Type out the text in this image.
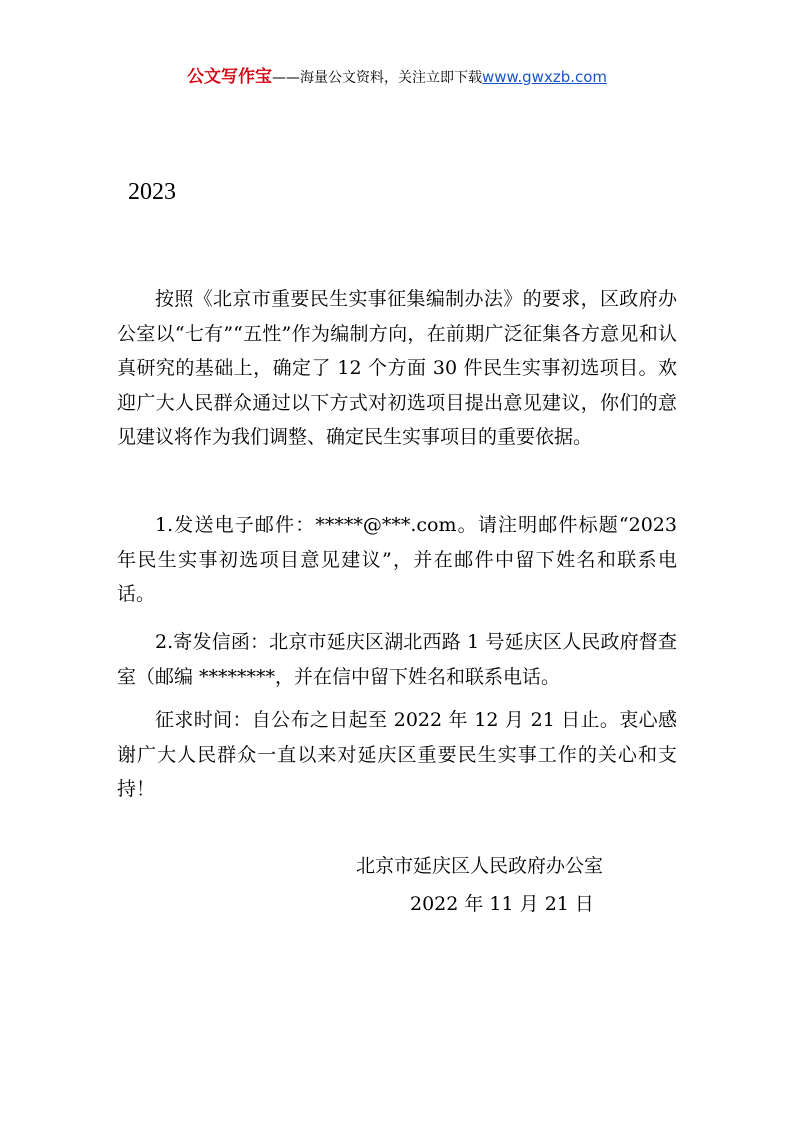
公文写作宝——海量公文资料，关注立即下载www.gwxzb.com
2023
按照《北京市重要民生实事征集编制办法》的要求，区政府办公室以“七有”“五性”作为编制方向，在前期广泛征集各方意见和认真研究的基础上，确定了 12 个方面 30 件民生实事初选项目。欢迎广大人民群众通过以下方式对初选项目提出意见建议，你们的意见建议将作为我们调整、确定民生实事项目的重要依据。
1.发送电子邮件：*****@***.com。请注明邮件标题“2023 年民生实事初选项目意见建议”，并在邮件中留下姓名和联系电话。
2.寄发信函：北京市延庆区湖北西路 1 号延庆区人民政府督查室（邮编 ********，并在信中留下姓名和联系电话。
征求时间：自公布之日起至 2022 年 12 月 21 日止。衷心感谢广大人民群众一直以来对延庆区重要民生实事工作的关心和支持！
北京市延庆区人民政府办公室
2022 年 11 月 21 日
